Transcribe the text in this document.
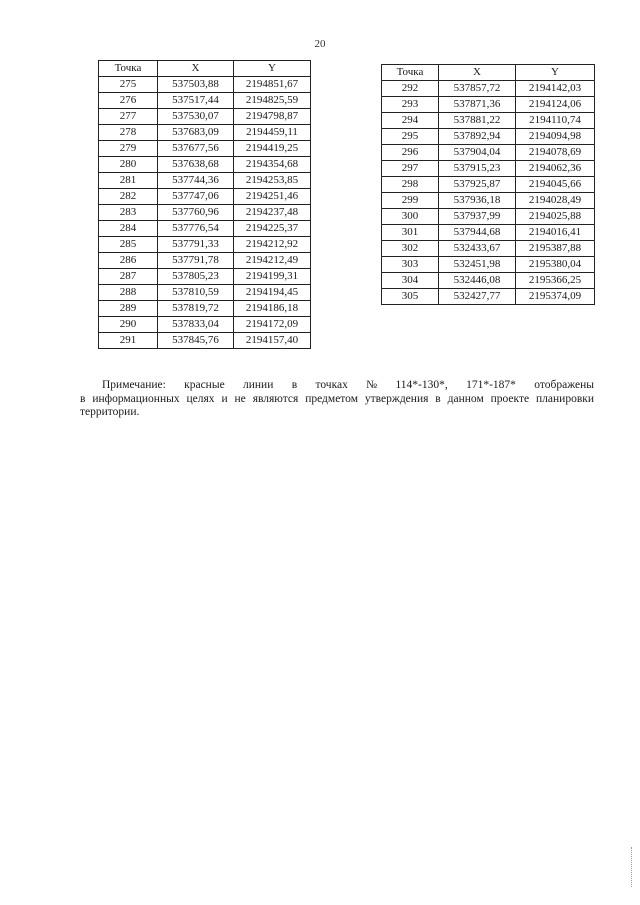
20
Точка	X	Y
275	537503,88	2194851,67
276	537517,44	2194825,59
277	537530,07	2194798,87
278	537683,09	2194459,11
279	537677,56	2194419,25
280	537638,68	2194354,68
281	537744,36	2194253,85
282	537747,06	2194251,46
283	537760,96	2194237,48
284	537776,54	2194225,37
285	537791,33	2194212,92
286	537791,78	2194212,49
287	537805,23	2194199,31
288	537810,59	2194194,45
289	537819,72	2194186,18
290	537833,04	2194172,09
291	537845,76	2194157,40
Точка	X	Y
292	537857,72	2194142,03
293	537871,36	2194124,06
294	537881,22	2194110,74
295	537892,94	2194094,98
296	537904,04	2194078,69
297	537915,23	2194062,36
298	537925,87	2194045,66
299	537936,18	2194028,49
300	537937,99	2194025,88
301	537944,68	2194016,41
302	532433,67	2195387,88
303	532451,98	2195380,04
304	532446,08	2195366,25
305	532427,77	2195374,09
Примечание: красные линии в точках № 114*-130*, 171*-187* отображены
в информационных целях и не являются предметом утверждения в данном проекте планировки территории.
